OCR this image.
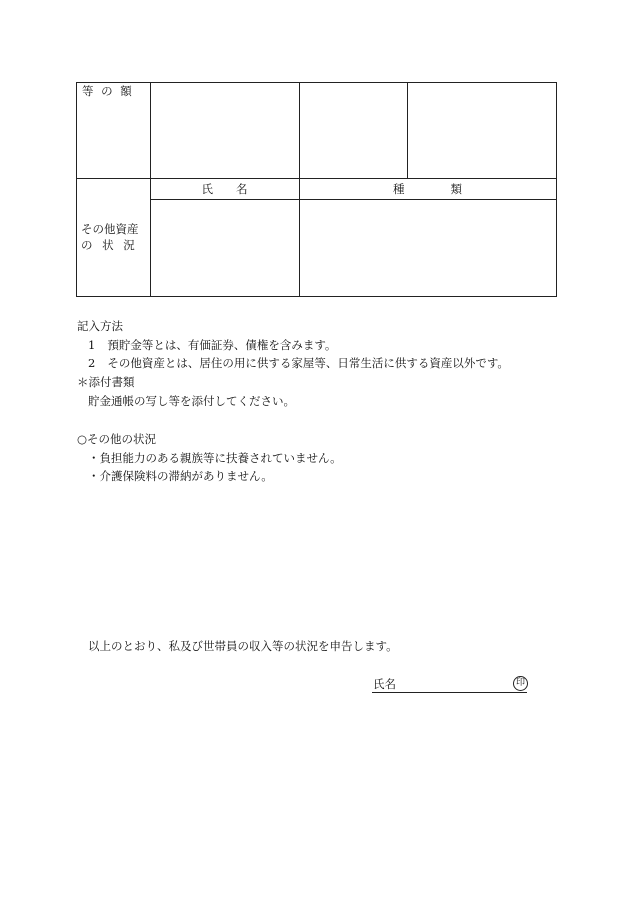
等 の 額
その他資産
の 状 況
氏　　名	種　　　　類
記入方法
1 預貯金等とは、有価証券、債権を含みます。
2 その他資産とは、居住の用に供する家屋等、日常生活に供する資産以外です。
＊添付書類
貯金通帳の写し等を添付してください。
○その他の状況
・負担能力のある親族等に扶養されていません。
・介護保険料の滞納がありません。
以上のとおり、私及び世帯員の収入等の状況を申告します。
氏名	印
